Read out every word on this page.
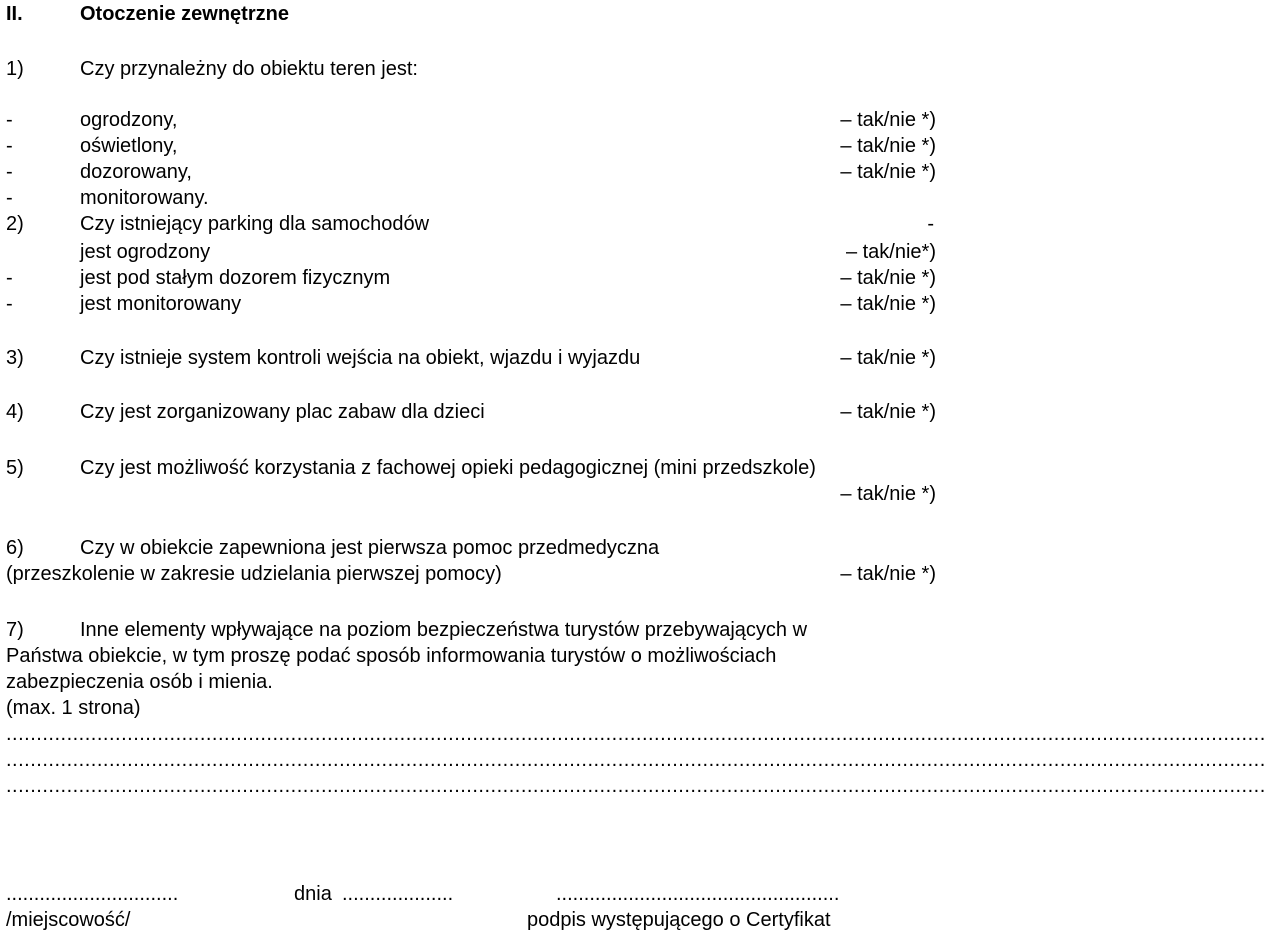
II.	Otoczenie zewnętrzne
1)	Czy przynależny do obiektu teren jest:
-	ogrodzony,	– tak/nie *)
-	oświetlony,	– tak/nie *)
-	dozorowany,	– tak/nie *)
-	monitorowany.
2)	Czy istniejący parking dla samochodów	-
jest ogrodzony	– tak/nie*)
-	jest pod stałym dozorem fizycznym	– tak/nie *)
-	jest monitorowany	– tak/nie *)
3)	Czy istnieje system kontroli wejścia na obiekt, wjazdu i wyjazdu	– tak/nie *)
4)	Czy jest zorganizowany plac zabaw dla dzieci	– tak/nie *)
5)	Czy jest możliwość korzystania z fachowej opieki pedagogicznej (mini przedszkole)
– tak/nie *)
6)	Czy w obiekcie zapewniona jest pierwsza pomoc przedmedyczna
(przeszkolenie w zakresie udzielania pierwszej pomocy)	– tak/nie *)
7)	Inne elementy wpływające na poziom bezpieczeństwa turystów przebywających w
Państwa obiekcie, w tym proszę podać sposób informowania turystów o możliwościach
zabezpieczenia osób i mienia.
(max. 1 strona)
................................................................................................................................................................................................................
................................................................................................................................................................................................................
................................................................................................................................................................................................................
...............................	dnia ....................	...................................................
/miejscowość/	podpis występującego o Certyfikat
